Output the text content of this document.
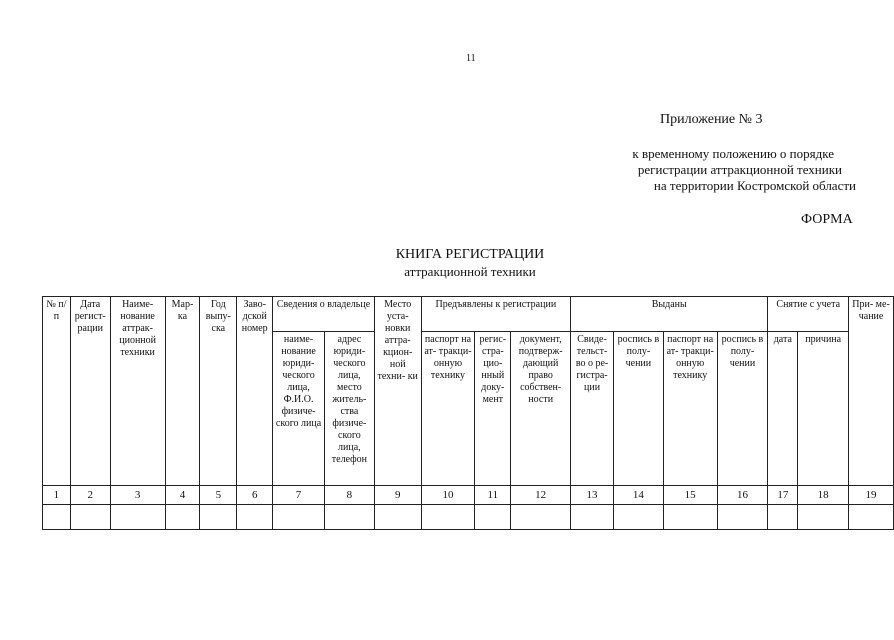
11
Приложение № 3
к временному положению о порядке
регистрации аттракционной техники
на территории Костромской области
ФОРМА
КНИГА РЕГИСТРАЦИИ
аттракционной техники
№ п/п	Дата регист- рации	Наиме- нование аттрак- ционной техники	Мар- ка	Год выпу- ска	Заво- дской номер	Сведения о владельце		Место уста- новки аттра- кцион- ной техни- ки	Предъявлены к регистрации			Выданы				Снятие с учета		При- ме- чание
						наиме- нование юриди- ческого лица, Ф.И.О. физиче- ского лица	адрес юриди- ческого лица, место житель- ства физиче- ского лица, телефон		паспорт на ат- тракци- онную технику	регис- стра- цио- нный доку- мент	документ, подтверж- дающий право собствен- ности	Свиде- тельст- во о ре- гистра- ции	роспись в полу- чении	паспорт на ат- тракци- онную технику	роспись в полу- чении	дата	причина	
1	2	3	4	5	6	7	8	9	10	11	12	13	14	15	16	17	18	19
